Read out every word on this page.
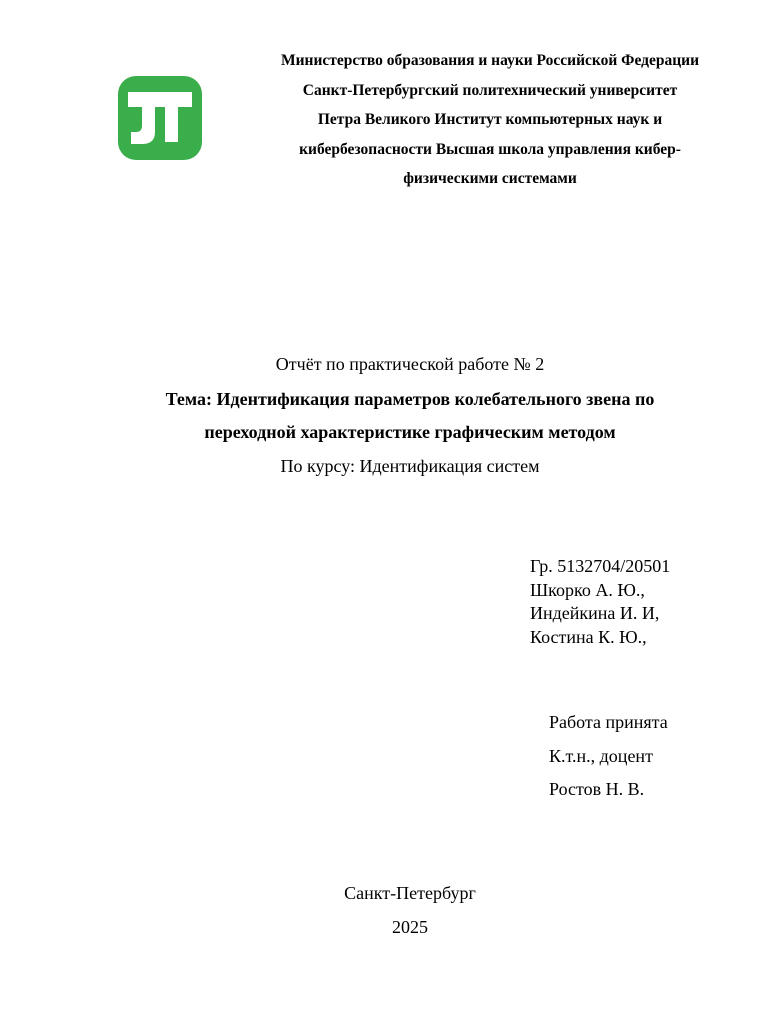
Министерство образования и науки Российской Федерации
Санкт-Петербургский политехнический университет
Петра Великого Институт компьютерных наук и
кибербезопасности Высшая школа управления кибер-
физическими системами
Отчёт по практической работе № 2
Тема: Идентификация параметров колебательного звена по
переходной характеристике графическим методом
По курсу: Идентификация систем
Гр. 5132704/20501
Шкорко А. Ю.,
Индейкина И. И,
Костина К. Ю.,
Работа принята
К.т.н., доцент
Ростов Н. В.
Санкт-Петербург
2025
